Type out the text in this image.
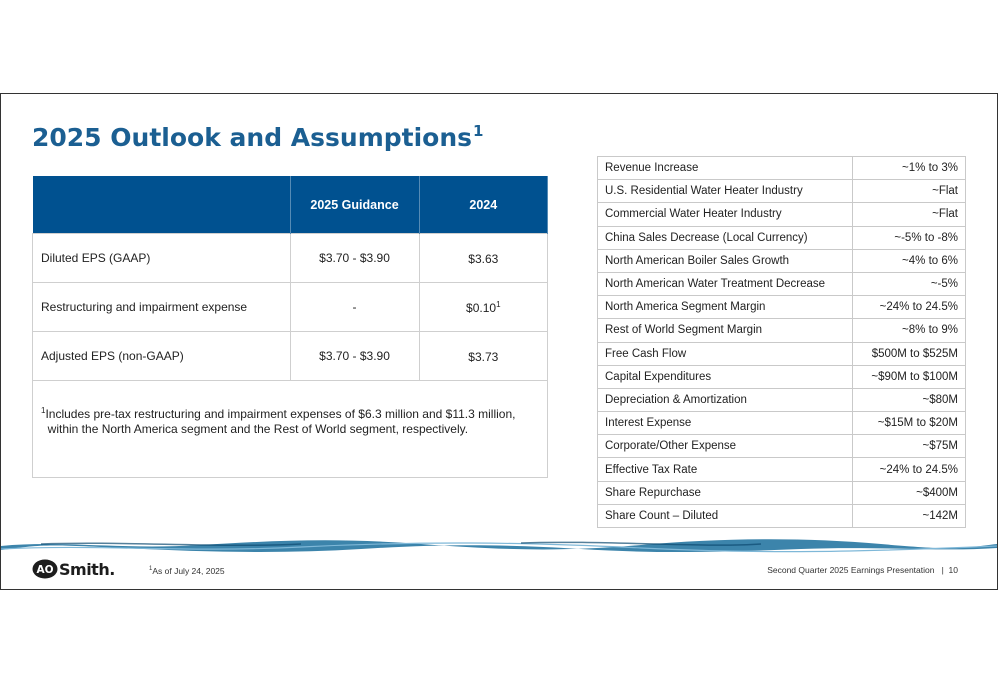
2025 Outlook and Assumptions$^1$
	2025 Guidance	2024
Diluted EPS (GAAP)	$3.70 - $3.90	$3.63
Restructuring and impairment expense	-	$0.10$^1$
Adjusted EPS (non-GAAP)	$3.70 - $3.90	$3.73
$^1$Includes pre-tax restructuring and impairment expenses of $6.3 million and $11.3 million,
within the North America segment and the Rest of World segment, respectively.		
Revenue Increase	~1% to 3%
U.S. Residential Water Heater Industry	~Flat
Commercial Water Heater Industry	~Flat
China Sales Decrease (Local Currency)	~-5% to -8%
North American Boiler Sales Growth	~4% to 6%
North American Water Treatment Decrease	~-5%
North America Segment Margin	~24% to 24.5%
Rest of World Segment Margin	~8% to 9%
Free Cash Flow	$500M to $525M
Capital Expenditures	~$90M to $100M
Depreciation & Amortization	~$80M
Interest Expense	~$15M to $20M
Corporate/Other Expense	~$75M
Effective Tax Rate	~24% to 24.5%
Share Repurchase	~$400M
Share Count – Diluted	~142M
AO Smith.	$^1$As of July 24, 2025	Second Quarter 2025 Earnings Presentation | 10
